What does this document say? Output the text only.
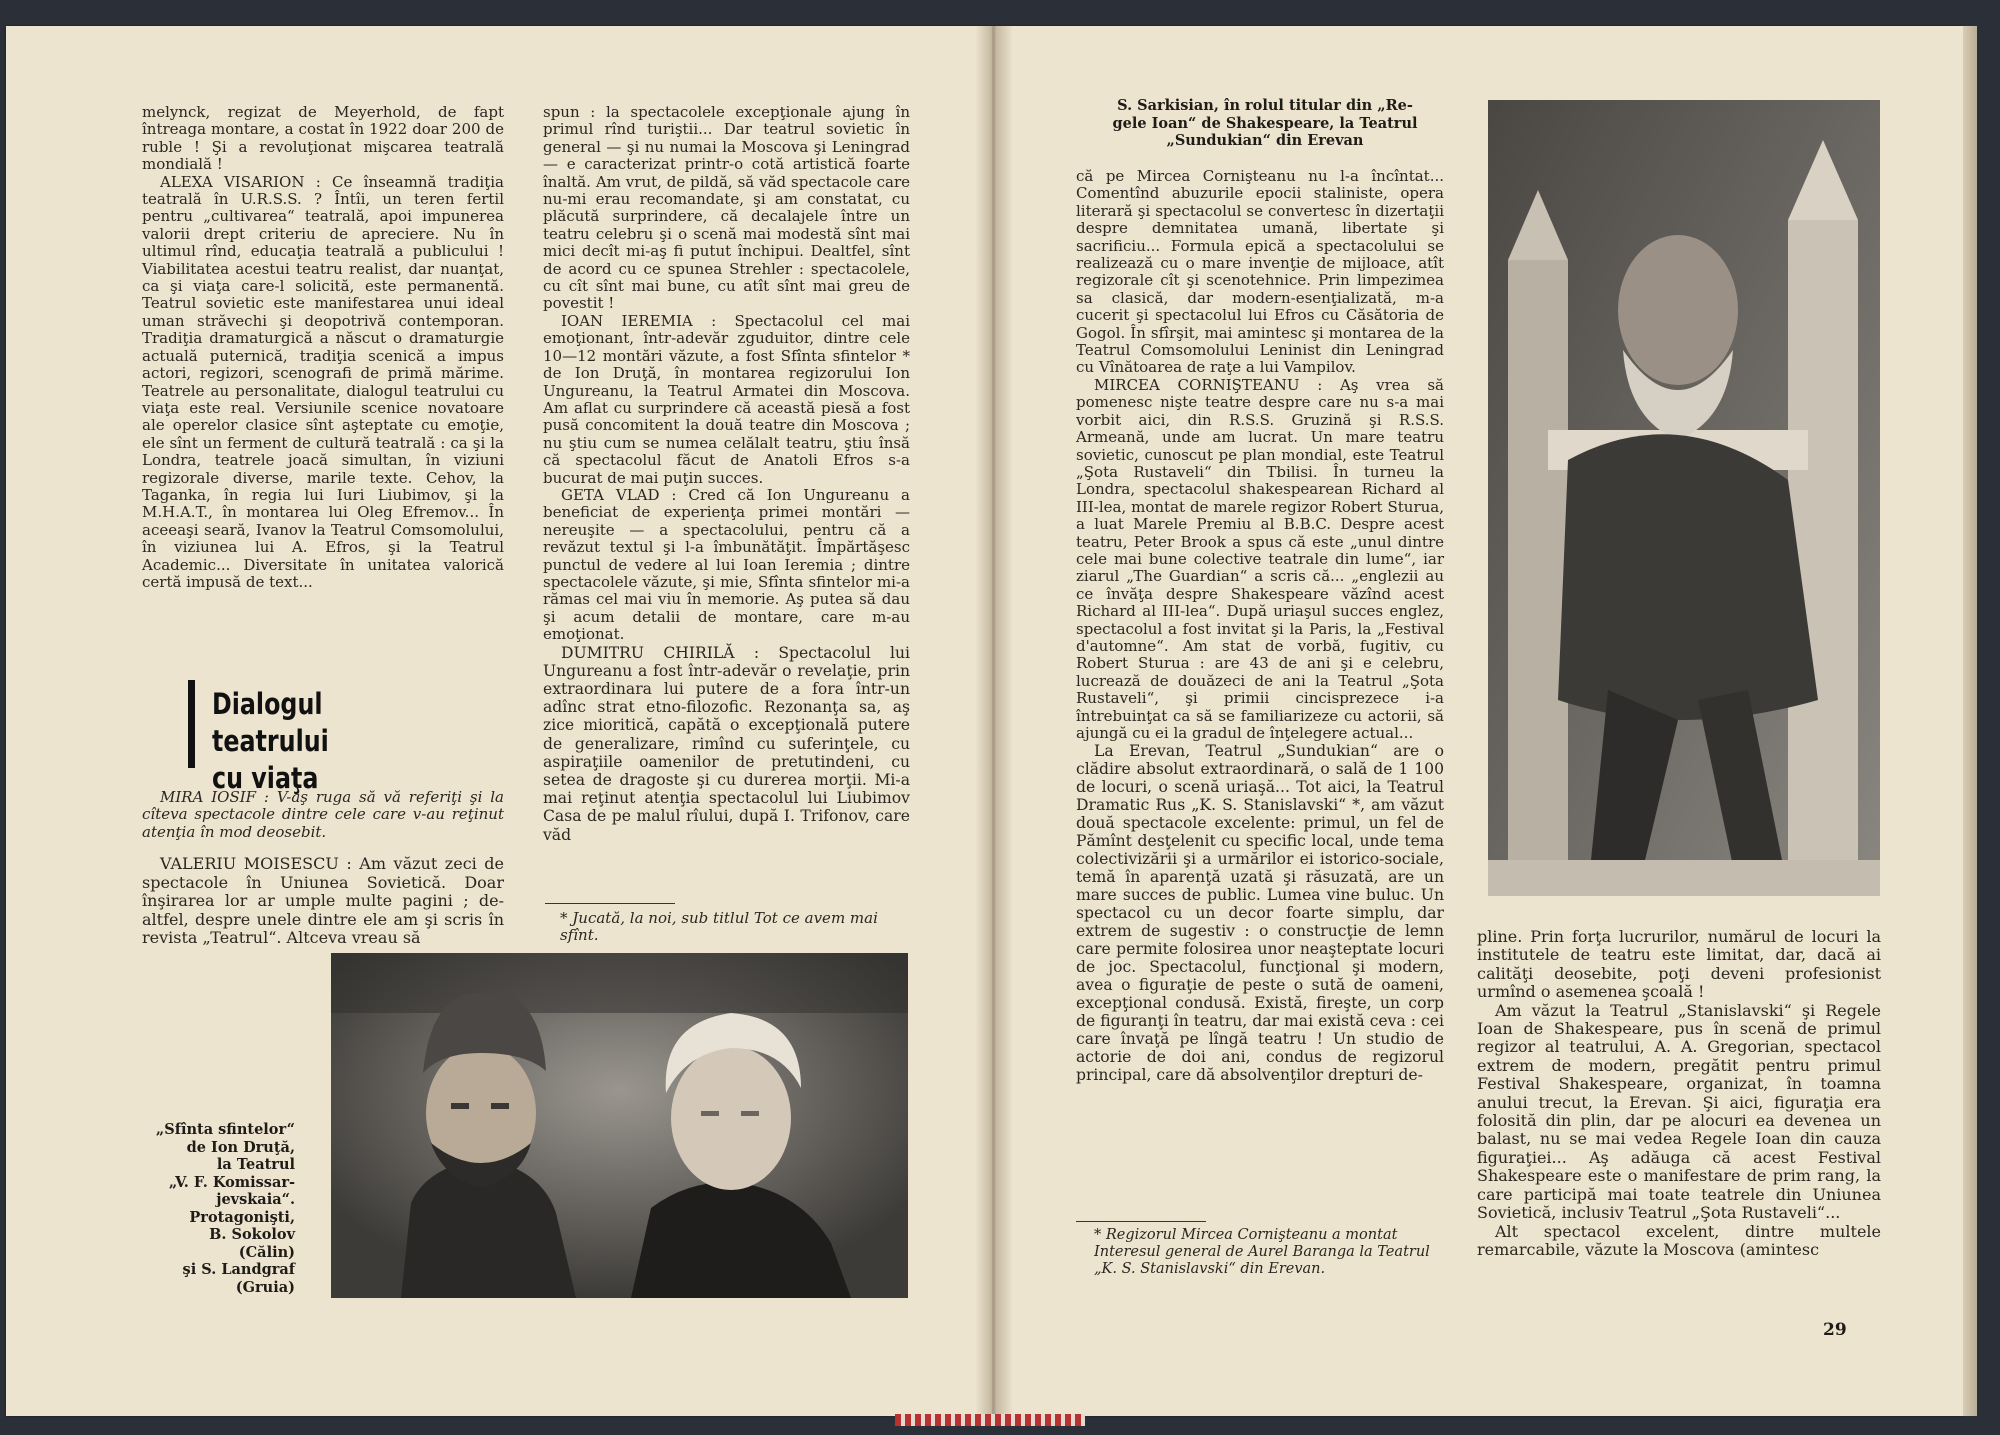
melynck, regizat de Meyerhold, de fapt întreaga montare, a costat în 1922 doar 200 de ruble ! Şi a revoluţionat mişcarea teatrală mondială !

ALEXA VISARION : Ce înseamnă tradiţia teatrală în U.R.S.S. ? Întîi, un teren fertil pentru „cultivarea“ teatrală, apoi impunerea valorii drept criteriu de apreciere. Nu în ultimul rînd, educaţia teatrală a publicului ! Viabilitatea acestui teatru realist, dar nuanţat, ca şi viaţa care-l solicită, este permanentă. Teatrul sovietic este manifestarea unui ideal uman străvechi şi deopotrivă contemporan. Tradiţia dramaturgică a născut o dramaturgie actuală puternică, tradiţia scenică a impus actori, regizori, scenografi de primă mărime. Teatrele au personalitate, dialogul teatrului cu viaţa este real. Versiunile scenice novatoare ale operelor clasice sînt aşteptate cu emoţie, ele sînt un ferment de cultură teatrală : ca şi la Londra, teatrele joacă simultan, în viziuni regizorale diverse, marile texte. Cehov, la Taganka, în regia lui Iuri Liubimov, şi la M.H.A.T., în montarea lui Oleg Efremov... În aceeaşi seară, Ivanov la Teatrul Comsomolului, în viziunea lui A. Efros, şi la Teatrul Academic... Diversitate în unitatea valorică certă impusă de text...

Dialogul teatrului
cu viaţa

MIRA IOSIF : V-aş ruga să vă referiţi şi la cîteva spectacole dintre cele care v-au reţinut atenţia în mod deosebit.

VALERIU MOISESCU : Am văzut zeci de spectacole în Uniunea Sovietică. Doar înşirarea lor ar umple multe pagini ; de-altfel, despre unele dintre ele am şi scris în revista „Teatrul“. Altceva vreau să

spun : la spectacolele excepţionale ajung în primul rînd turiştii... Dar teatrul sovietic în general — şi nu numai la Moscova şi Leningrad — e caracterizat printr-o cotă artistică foarte înaltă. Am vrut, de pildă, să văd spectacole care nu-mi erau recomandate, şi am constatat, cu plăcută surprindere, că decalajele între un teatru celebru şi o scenă mai modestă sînt mai mici decît mi-aş fi putut închipui. Dealtfel, sînt de acord cu ce spunea Strehler : spectacolele, cu cît sînt mai bune, cu atît sînt mai greu de povestit !

IOAN IEREMIA : Spectacolul cel mai emoţionant, într-adevăr zguduitor, dintre cele 10—12 montări văzute, a fost Sfînta sfintelor * de Ion Druţă, în montarea regizorului Ion Ungureanu, la Teatrul Armatei din Moscova. Am aflat cu surprindere că această piesă a fost pusă concomitent la două teatre din Moscova ; nu ştiu cum se numea celălalt teatru, ştiu însă că spectacolul făcut de Anatoli Efros s-a bucurat de mai puţin succes.

GETA VLAD : Cred că Ion Ungureanu a beneficiat de experienţa primei montări — nereuşite — a spectacolului, pentru că a revăzut textul şi l-a îmbunătăţit. Împărtăşesc punctul de vedere al lui Ioan Ieremia ; dintre spectacolele văzute, şi mie, Sfînta sfintelor mi-a rămas cel mai viu în memorie. Aş putea să dau şi acum detalii de montare, care m-au emoţionat.

DUMITRU CHIRILĂ : Spectacolul lui Ungureanu a fost într-adevăr o revelaţie, prin extraordinara lui putere de a fora într-un adînc strat etno-filozofic. Rezonanţa sa, aş zice mioritică, capătă o excepţională putere de generalizare, rimînd cu suferinţele, cu aspiraţiile oamenilor de pretutindeni, cu setea de dragoste şi cu durerea morţii. Mi-a mai reţinut atenţia spectacolul lui Liubimov Casa de pe malul rîului, după I. Trifonov, care văd

* Jucată, la noi, sub titlul Tot ce avem mai sfînt.
„Sfînta sfintelor“
de Ion Druţă,
la Teatrul
„V. F. Komissar-
jevskaia“.
Protagonişti,
B. Sokolov
(Călin)
şi S. Landgraf
(Gruia)
S. Sarkisian, în rolul titular din „Re-
gele Ioan“ de Shakespeare, la Teatrul
„Sundukian“ din Erevan

că pe Mircea Cornişteanu nu l-a încîntat... Comentînd abuzurile epocii staliniste, opera literară şi spectacolul se convertesc în dizertaţii despre demnitatea umană, libertate şi sacrificiu... Formula epică a spectacolului se realizează cu o mare invenţie de mijloace, atît regizorale cît şi scenotehnice. Prin limpezimea sa clasică, dar modern-esenţializată, m-a cucerit şi spectacolul lui Efros cu Căsătoria de Gogol. În sfîrşit, mai amintesc şi montarea de la Teatrul Comsomolului Leninist din Leningrad cu Vînătoarea de raţe a lui Vampilov.

MIRCEA CORNIŞTEANU : Aş vrea să pomenesc nişte teatre despre care nu s-a mai vorbit aici, din R.S.S. Gruzină şi R.S.S. Armeană, unde am lucrat. Un mare teatru sovietic, cunoscut pe plan mondial, este Teatrul „Şota Rustaveli“ din Tbilisi. În turneu la Londra, spectacolul shakespearean Richard al III-lea, montat de marele regizor Robert Sturua, a luat Marele Premiu al B.B.C. Despre acest teatru, Peter Brook a spus că este „unul dintre cele mai bune colective teatrale din lume“, iar ziarul „The Guardian“ a scris că... „englezii au ce învăţa despre Shakespeare văzînd acest Richard al III-lea“. După uriaşul succes englez, spectacolul a fost invitat şi la Paris, la „Festival d'automne“. Am stat de vorbă, fugitiv, cu Robert Sturua : are 43 de ani şi e celebru, lucrează de douăzeci de ani la Teatrul „Şota Rustaveli“, şi primii cincisprezece i-a întrebuinţat ca să se familiarizeze cu actorii, să ajungă cu ei la gradul de înţelegere actual...

La Erevan, Teatrul „Sundukian“ are o clădire absolut extraordinară, o sală de 1 100 de locuri, o scenă uriaşă... Tot aici, la Teatrul Dramatic Rus „K. S. Stanislavski“ *, am văzut două spectacole excelente: primul, un fel de Pămînt desţelenit cu specific local, unde tema colectivizării şi a urmărilor ei istorico-sociale, temă în aparenţă uzată şi răsuzată, are un mare succes de public. Lumea vine buluc. Un spectacol cu un decor foarte simplu, dar extrem de sugestiv : o construcţie de lemn care permite folosirea unor neaşteptate locuri de joc. Spectacolul, funcţional şi modern, avea o figuraţie de peste o sută de oameni, excepţional condusă. Există, fireşte, un corp de figuranţi în teatru, dar mai există ceva : cei care învaţă pe lîngă teatru ! Un studio de actorie de doi ani, condus de regizorul principal, care dă absolvenţilor drepturi de-

* Regizorul Mircea Cornişteanu a montat Interesul general de Aurel Baranga la Teatrul „K. S. Stanislavski“ din Erevan.

pline. Prin forţa lucrurilor, numărul de locuri la institutele de teatru este limitat, dar, dacă ai calităţi deosebite, poţi deveni profesionist urmînd o asemenea şcoală !

Am văzut la Teatrul „Stanislavski“ şi Regele Ioan de Shakespeare, pus în scenă de primul regizor al teatrului, A. A. Gregorian, spectacol extrem de modern, pregătit pentru primul Festival Shakespeare, organizat, în toamna anului trecut, la Erevan. Şi aici, figuraţia era folosită din plin, dar pe alocuri ea devenea un balast, nu se mai vedea Regele Ioan din cauza figuraţiei... Aş adăuga că acest Festival Shakespeare este o manifestare de prim rang, la care participă mai toate teatrele din Uniunea Sovietică, inclusiv Teatrul „Şota Rustaveli“...

Alt spectacol excelent, dintre multele remarcabile, văzute la Moscova (amintesc

29
